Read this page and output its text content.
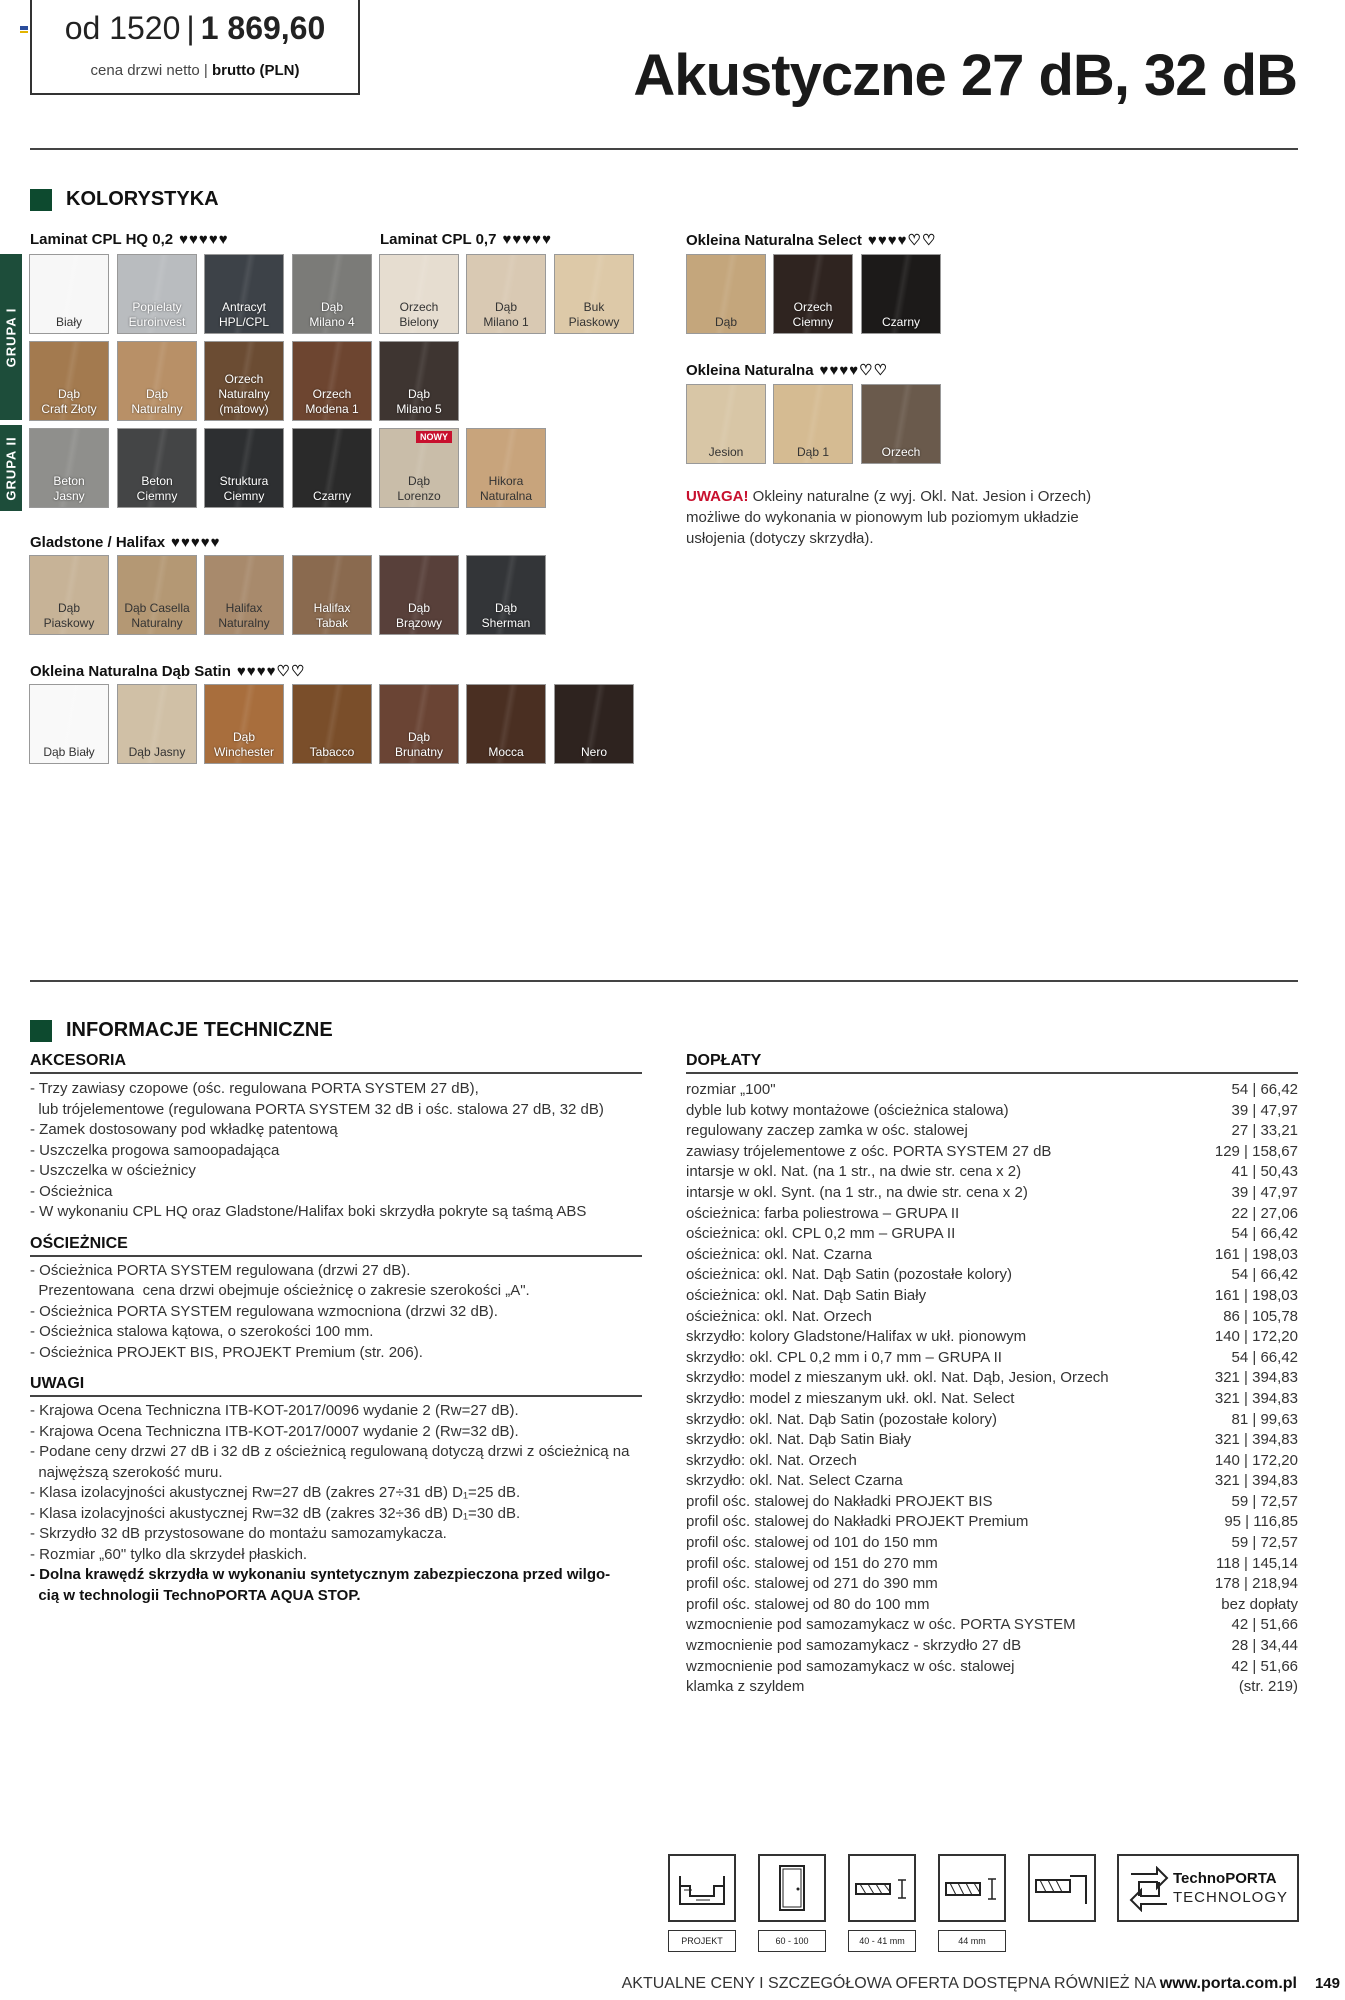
od 1520 | 1 869,60
cena drzwi netto | brutto (PLN)	Akustyczne 27 dB, 32 dB
KOLORYSTYKA
Laminat CPL HQ 0,2 ♥♥♥♥♥	Laminat CPL 0,7 ♥♥♥♥♥	Okleina Naturalna Select ♥♥♥♥♡♡
Okleina Naturalna ♥♥♥♥♡♡
Gladstone / Halifax ♥♥♥♥♥
Okleina Naturalna Dąb Satin ♥♥♥♥♡♡
GRUPA I
GRUPA II
Biały
Popielaty
Euroinvest
Antracyt
HPL/CPL
Dąb
Milano 4
Orzech
Bielony
Dąb
Milano 1
Buk
Piaskowy
Dąb
Craft Złoty
Dąb
Naturalny
Orzech
Naturalny
(matowy)
Orzech
Modena 1
Dąb
Milano 5
Beton
Jasny
Beton
Ciemny
Struktura
Ciemny	Czarny
NOWY
Dąb
Lorenzo
Hikora
Naturalna
Dąb
Piaskowy
Dąb Casella
Naturalny
Halifax
Naturalny
Halifax
Tabak
Dąb
Brązowy
Dąb
Sherman
Dąb Biały	Dąb Jasny
Dąb
Winchester	Tabacco
Dąb
Brunatny	Mocca	Nero
Dąb
Orzech
Ciemny	Czarny
Jesion	Dąb 1	Orzech
UWAGA! Okleiny naturalne (z wyj. Okl. Nat. Jesion i Orzech)
możliwe do wykonania w pionowym lub poziomym układzie
usłojenia (dotyczy skrzydła).
INFORMACJE TECHNICZNE
AKCESORIA
- Trzy zawiasy czopowe (ośc. regulowana PORTA SYSTEM 27 dB),
lub trójelementowe (regulowana PORTA SYSTEM 32 dB i ośc. stalowa 27 dB, 32 dB)
- Zamek dostosowany pod wkładkę patentową
- Uszczelka progowa samoopadająca
- Uszczelka w ościeżnicy
- Ościeżnica
- W wykonaniu CPL HQ oraz Gladstone/Halifax boki skrzydła pokryte są taśmą ABS
OŚCIEŻNICE
- Ościeżnica PORTA SYSTEM regulowana (drzwi 27 dB).
Prezentowana  cena drzwi obejmuje ościeżnicę o zakresie szerokości „A".
- Ościeżnica PORTA SYSTEM regulowana wzmocniona (drzwi 32 dB).
- Ościeżnica stalowa kątowa, o szerokości 100 mm.
- Ościeżnica PROJEKT BIS, PROJEKT Premium (str. 206).
UWAGI
- Krajowa Ocena Techniczna ITB-KOT-2017/0096 wydanie 2 (Rw=27 dB).
- Krajowa Ocena Techniczna ITB-KOT-2017/0007 wydanie 2 (Rw=32 dB).
- Podane ceny drzwi 27 dB i 32 dB z ościeżnicą regulowaną dotyczą drzwi z ościeżnicą na
najwęższą szerokość muru.
- Klasa izolacyjności akustycznej Rw=27 dB (zakres 27÷31 dB) D₁=25 dB.
- Klasa izolacyjności akustycznej Rw=32 dB (zakres 32÷36 dB) D₁=30 dB.
- Skrzydło 32 dB przystosowane do montażu samozamykacza.
- Rozmiar „60" tylko dla skrzydeł płaskich.
- Dolna krawędź skrzydła w wykonaniu syntetycznym zabezpieczona przed wilgo-
cią w technologii TechnoPORTA AQUA STOP.
DOPŁATY
rozmiar „100"	54 | 66,42
dyble lub kotwy montażowe (ościeżnica stalowa)	39 | 47,97
regulowany zaczep zamka w ośc. stalowej	27 | 33,21
zawiasy trójelementowe z ośc. PORTA SYSTEM 27 dB	129 | 158,67
intarsje w okl. Nat. (na 1 str., na dwie str. cena x 2)	41 | 50,43
intarsje w okl. Synt. (na 1 str., na dwie str. cena x 2)	39 | 47,97
ościeżnica: farba poliestrowa – GRUPA II	22 | 27,06
ościeżnica: okl. CPL 0,2 mm – GRUPA II	54 | 66,42
ościeżnica: okl. Nat. Czarna	161 | 198,03
ościeżnica: okl. Nat. Dąb Satin (pozostałe kolory)	54 | 66,42
ościeżnica: okl. Nat. Dąb Satin Biały	161 | 198,03
ościeżnica: okl. Nat. Orzech	86 | 105,78
skrzydło: kolory Gladstone/Halifax w ukł. pionowym	140 | 172,20
skrzydło: okl. CPL 0,2 mm i 0,7 mm – GRUPA II	54 | 66,42
skrzydło: model z mieszanym ukł. okl. Nat. Dąb, Jesion, Orzech	321 | 394,83
skrzydło: model z mieszanym ukł. okl. Nat. Select	321 | 394,83
skrzydło: okl. Nat. Dąb Satin (pozostałe kolory)	81 | 99,63
skrzydło: okl. Nat. Dąb Satin Biały	321 | 394,83
skrzydło: okl. Nat. Orzech	140 | 172,20
skrzydło: okl. Nat. Select Czarna	321 | 394,83
profil ośc. stalowej do Nakładki PROJEKT BIS	59 | 72,57
profil ośc. stalowej do Nakładki PROJEKT Premium	95 | 116,85
profil ośc. stalowej od 101 do 150 mm	59 | 72,57
profil ośc. stalowej od 151 do 270 mm	118 | 145,14
profil ośc. stalowej od 271 do 390 mm	178 | 218,94
profil ośc. stalowej od 80 do 100 mm	bez dopłaty
wzmocnienie pod samozamykacz w ośc. PORTA SYSTEM	42 | 51,66
wzmocnienie pod samozamykacz - skrzydło 27 dB	28 | 34,44
wzmocnienie pod samozamykacz w ośc. stalowej	42 | 51,66
klamka z szyldem	(str. 219)
PROJEKT	60 - 100	40 - 41 mm	44 mm
TechnoPORTA
TECHNOLOGY
AKTUALNE CENY I SZCZEGÓŁOWA OFERTA DOSTĘPNA RÓWNIEŻ NA www.porta.com.pl 149
